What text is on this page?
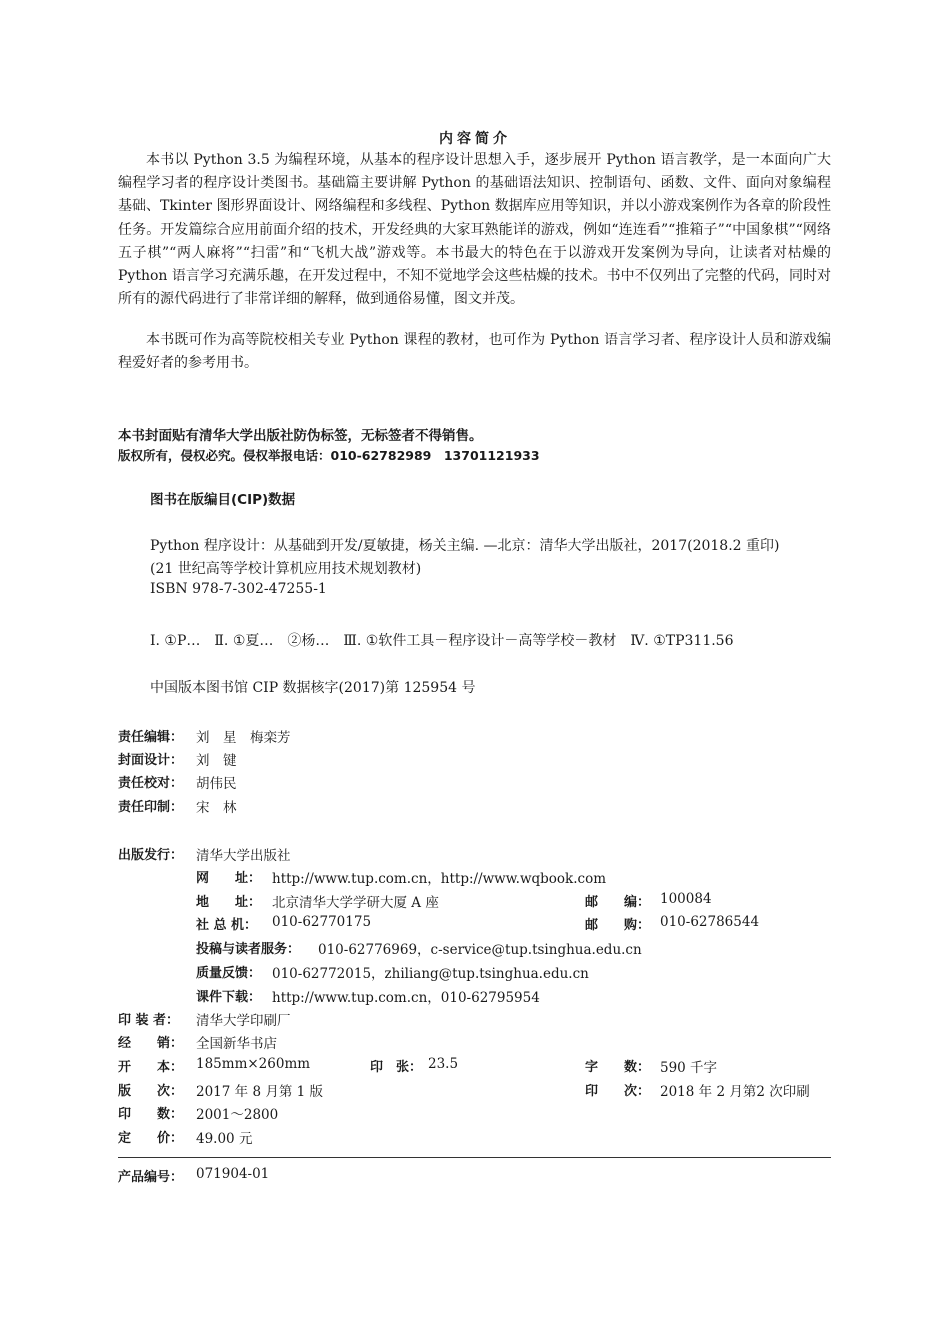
内容简介

本书以 Python 3.5 为编程环境，从基本的程序设计思想入手，逐步展开 Python 语言教学，是一本面向广大编程学习者的程序设计类图书。基础篇主要讲解 Python 的基础语法知识、控制语句、函数、文件、面向对象编程基础、Tkinter 图形界面设计、网络编程和多线程、Python 数据库应用等知识，并以小游戏案例作为各章的阶段性任务。开发篇综合应用前面介绍的技术，开发经典的大家耳熟能详的游戏，例如“连连看”“推箱子”“中国象棋”“网络五子棋”“两人麻将”“扫雷”和“飞机大战”游戏等。本书最大的特色在于以游戏开发案例为导向，让读者对枯燥的 Python 语言学习充满乐趣，在开发过程中，不知不觉地学会这些枯燥的技术。书中不仅列出了完整的代码，同时对所有的源代码进行了非常详细的解释，做到通俗易懂，图文并茂。

本书既可作为高等院校相关专业 Python 课程的教材，也可作为 Python 语言学习者、程序设计人员和游戏编程爱好者的参考用书。

本书封面贴有清华大学出版社防伪标签，无标签者不得销售。
版权所有，侵权必究。侵权举报电话：010-62782989　13701121933
图书在版编目(CIP)数据
Python 程序设计：从基础到开发/夏敏捷，杨关主编. —北京：清华大学出版社，2017(2018.2 重印)
(21 世纪高等学校计算机应用技术规划教材)
ISBN 978-7-302-47255-1
Ⅰ. ①P…　Ⅱ. ①夏…　②杨…　Ⅲ. ①软件工具－程序设计－高等学校－教材　Ⅳ. ①TP311.56
中国版本图书馆 CIP 数据核字(2017)第 125954 号
责任编辑： 刘　星　梅栾芳
封面设计： 刘　键
责任校对： 胡伟民
责任印制： 宋　林
出版发行： 清华大学出版社
网　　址： http://www.tup.com.cn，http://www.wqbook.com
地　　址： 北京清华大学学研大厦 A 座	邮　　编： 100084
社 总 机： 010-62770175	邮　　购： 010-62786544
投稿与读者服务： 010-62776969，c-service@tup.tsinghua.edu.cn
质量反馈： 010-62772015，zhiliang@tup.tsinghua.edu.cn
课件下载： http://www.tup.com.cn，010-62795954
印 装 者： 清华大学印刷厂
经　　销： 全国新华书店
开　　本： 185mm×260mm	印　张： 23.5	字　　数： 590 千字
版　　次： 2017 年 8 月第 1 版	印　　次： 2018 年 2 月第2 次印刷
印　　数： 2001～2800
定　　价： 49.00 元
产品编号： 071904-01
